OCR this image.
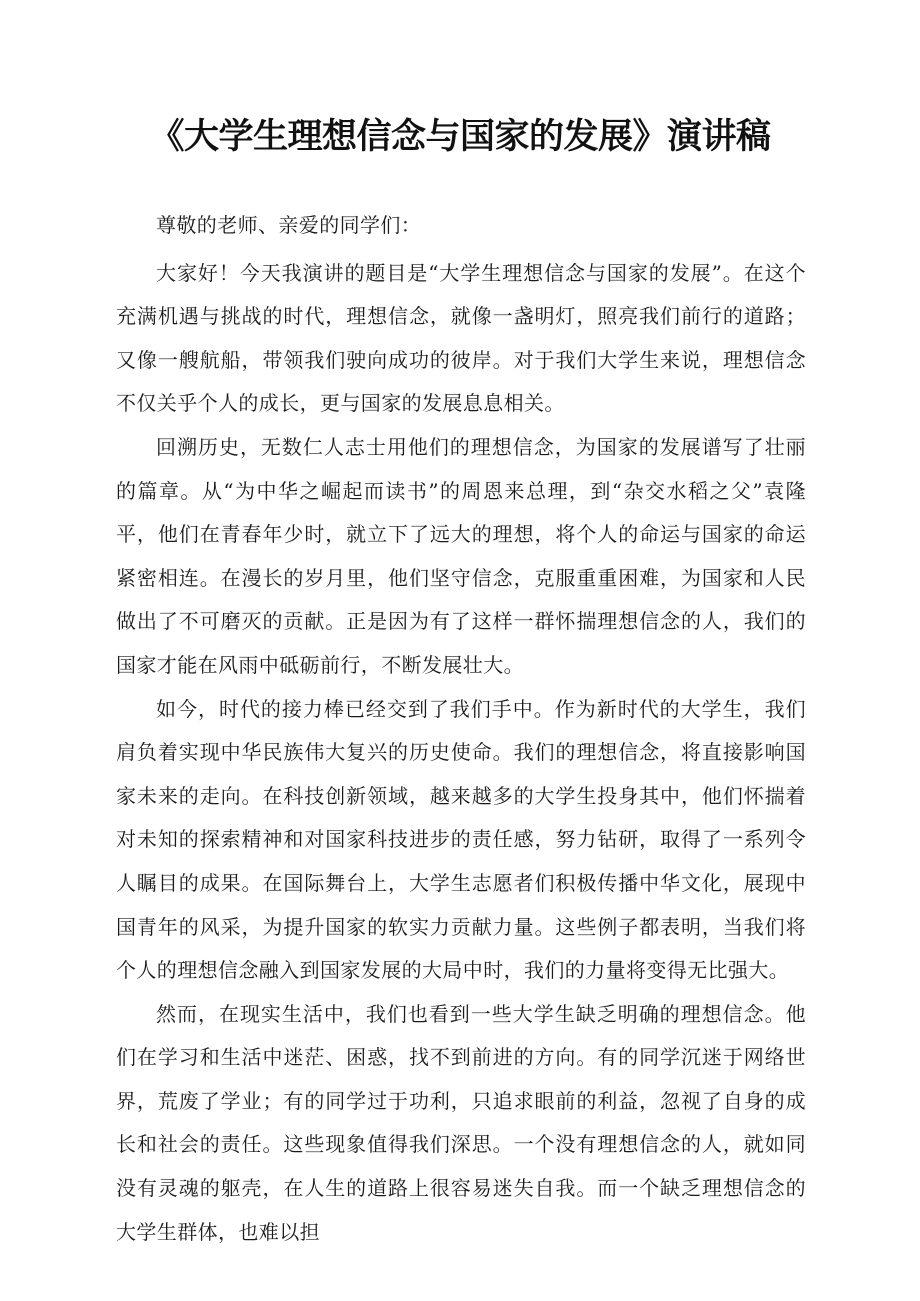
《大学生理想信念与国家的发展》演讲稿

尊敬的老师、亲爱的同学们：

大家好！今天我演讲的题目是“大学生理想信念与国家的发展”。在这个充满机遇与挑战的时代，理想信念，就像一盏明灯，照亮我们前行的道路；又像一艘航船，带领我们驶向成功的彼岸。对于我们大学生来说，理想信念不仅关乎个人的成长，更与国家的发展息息相关。

回溯历史，无数仁人志士用他们的理想信念，为国家的发展谱写了壮丽的篇章。从“为中华之崛起而读书”的周恩来总理，到“杂交水稻之父”袁隆平，他们在青春年少时，就立下了远大的理想，将个人的命运与国家的命运紧密相连。在漫长的岁月里，他们坚守信念，克服重重困难，为国家和人民做出了不可磨灭的贡献。正是因为有了这样一群怀揣理想信念的人，我们的国家才能在风雨中砥砺前行，不断发展壮大。

如今，时代的接力棒已经交到了我们手中。作为新时代的大学生，我们肩负着实现中华民族伟大复兴的历史使命。我们的理想信念，将直接影响国家未来的走向。在科技创新领域，越来越多的大学生投身其中，他们怀揣着对未知的探索精神和对国家科技进步的责任感，努力钻研，取得了一系列令人瞩目的成果。在国际舞台上，大学生志愿者们积极传播中华文化，展现中国青年的风采，为提升国家的软实力贡献力量。这些例子都表明，当我们将个人的理想信念融入到国家发展的大局中时，我们的力量将变得无比强大。

然而，在现实生活中，我们也看到一些大学生缺乏明确的理想信念。他们在学习和生活中迷茫、困惑，找不到前进的方向。有的同学沉迷于网络世界，荒废了学业；有的同学过于功利，只追求眼前的利益，忽视了自身的成长和社会的责任。这些现象值得我们深思。一个没有理想信念的人，就如同没有灵魂的躯壳，在人生的道路上很容易迷失自我。而一个缺乏理想信念的大学生群体，也难以担
